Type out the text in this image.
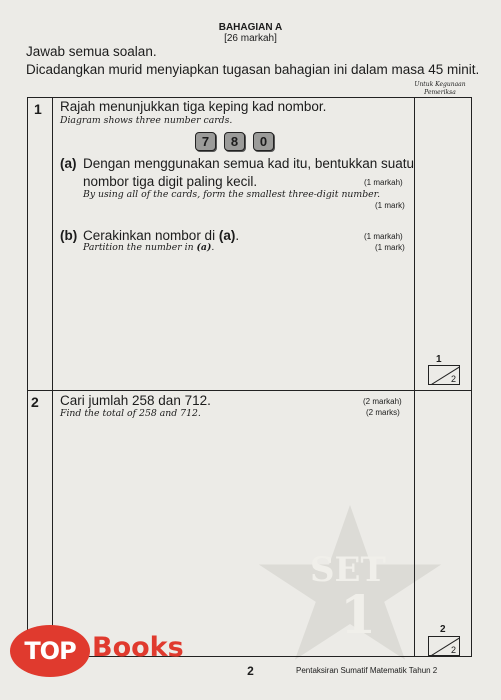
SET
1
BAHAGIAN A
[26 markah]
Jawab semua soalan.
Dicadangkan murid menyiapkan tugasan bahagian ini dalam masa 45 minit.
Untuk Kegunaan Pemeriksa
1 Rajah menunjukkan tiga keping kad nombor.
Diagram shows three number cards.
7	8	0
(a) Dengan menggunakan semua kad itu, bentukkan suatu
nombor tiga digit paling kecil.	(1 markah)
By using all of the cards, form the smallest three-digit number.
(1 mark)
(b) Cerakinkan nombor di (a).	(1 markah)
Partition the number in (a).	(1 mark)
1
2
2 Cari jumlah 258 dan 712.
Find the total of 258 and 712.
(2 markah)
(2 marks)
2
2
TOP Books
2	Pentaksiran Sumatif Matematik Tahun 2
